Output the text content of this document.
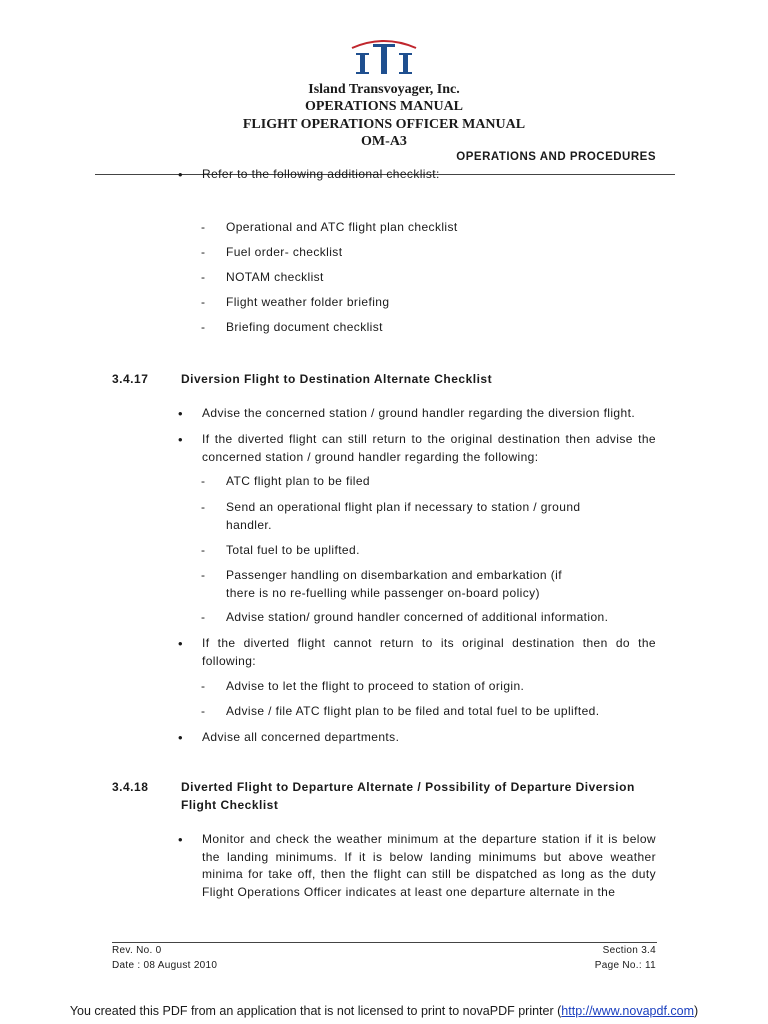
Island Transvoyager, Inc.
OPERATIONS MANUAL
FLIGHT OPERATIONS OFFICER MANUAL
OM-A3
OPERATIONS AND PROCEDURES
•	Refer to the following additional checklist:
-	Operational and ATC flight plan checklist
-	Fuel order- checklist
-	NOTAM checklist
-	Flight weather folder briefing
-	Briefing document checklist
3.4.17	Diversion Flight to Destination Alternate Checklist
•	Advise the concerned station / ground handler regarding the diversion flight.
•	If the diverted flight can still return to the original destination then advise the concerned station / ground handler regarding the following:
-	ATC flight plan to be filed
-	Send an operational flight plan if necessary to station / ground handler.
-	Total fuel to be uplifted.
-	Passenger handling on disembarkation and embarkation (if there is no re-fuelling while passenger on-board policy)
-	Advise station/ ground handler concerned of additional information.
•	If the diverted flight cannot return to its original destination then do the following:
-	Advise to let the flight to proceed to station of origin.
-	Advise / file ATC flight plan to be filed and total fuel to be uplifted.
•	Advise all concerned departments.
3.4.18	Diverted Flight to Departure Alternate / Possibility of Departure Diversion Flight Checklist
•	Monitor and check the weather minimum at the departure station if it is below the landing minimums. If it is below landing minimums but above weather minima for take off, then the flight can still be dispatched as long as the duty Flight Operations Officer indicates at least one departure alternate in the
Rev. No. 0
Date : 08 August 2010
Section 3.4
Page No.: 11
You created this PDF from an application that is not licensed to print to novaPDF printer (http://www.novapdf.com)
